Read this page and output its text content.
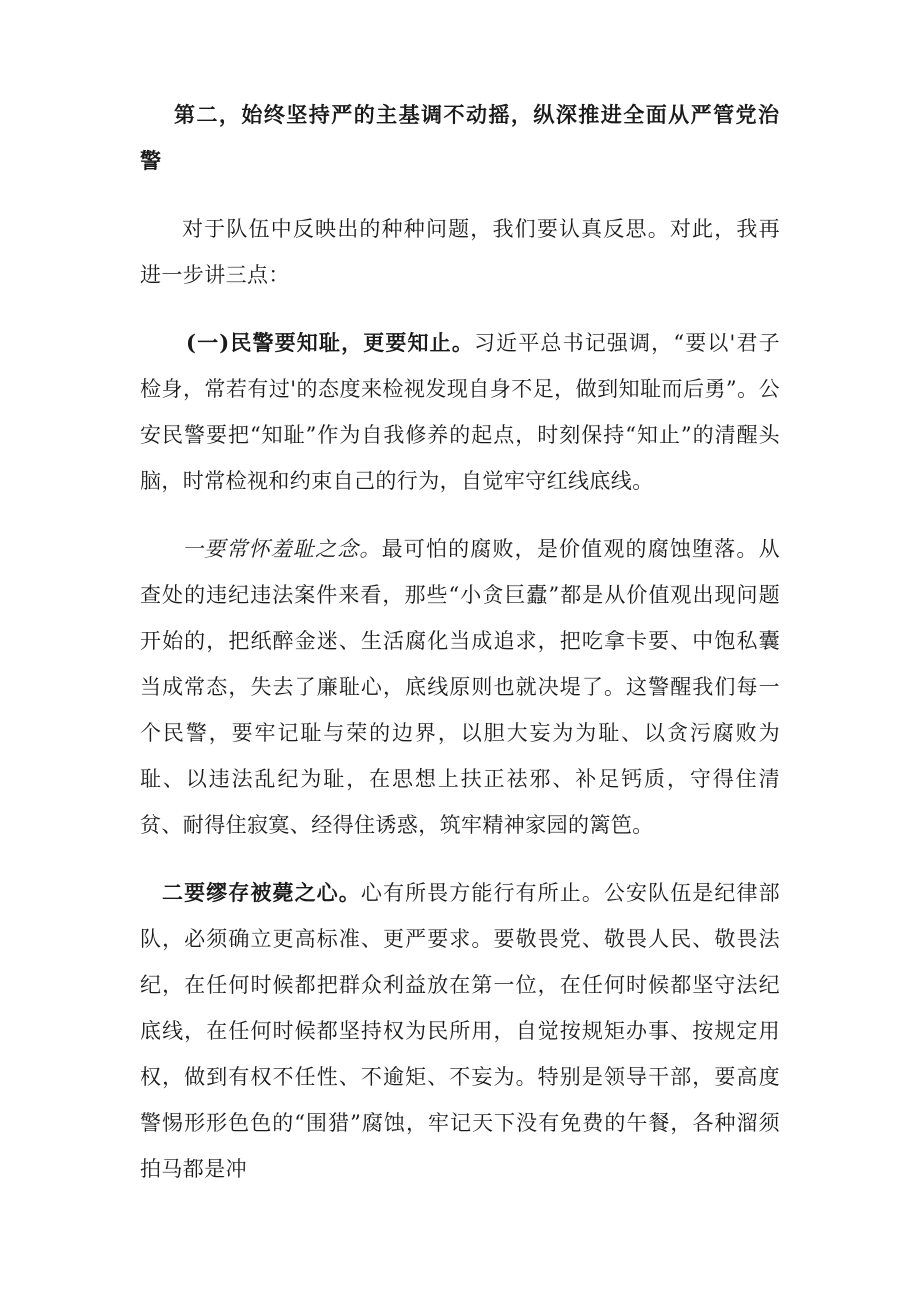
第二，始终坚持严的主基调不动摇，纵深推进全面从严管党治警

对于队伍中反映出的种种问题，我们要认真反思。对此，我再进一步讲三点：

(一)民警要知耻，更要知止。习近平总书记强调，“要以'君子检身，常若有过'的态度来检视发现自身不足，做到知耻而后勇”。公安民警要把“知耻”作为自我修养的起点，时刻保持“知止”的清醒头脑，时常检视和约束自己的行为，自觉牢守红线底线。

一要常怀羞耻之念。最可怕的腐败，是价值观的腐蚀堕落。从查处的违纪违法案件来看，那些“小贪巨蠹”都是从价值观出现问题开始的，把纸醉金迷、生活腐化当成追求，把吃拿卡要、中饱私囊当成常态，失去了廉耻心，底线原则也就决堤了。这警醒我们每一个民警，要牢记耻与荣的边界，以胆大妄为为耻、以贪污腐败为耻、以违法乱纪为耻，在思想上扶正祛邪、补足钙质，守得住清贫、耐得住寂寞、经得住诱惑，筑牢精神家园的篱笆。

二要缪存被薨之心。心有所畏方能行有所止。公安队伍是纪律部队，必须确立更高标准、更严要求。要敬畏党、敬畏人民、敬畏法纪，在任何时候都把群众利益放在第一位，在任何时候都坚守法纪底线，在任何时候都坚持权为民所用，自觉按规矩办事、按规定用权，做到有权不任性、不逾矩、不妄为。特别是领导干部，要高度警惕形形色色的“围猎”腐蚀，牢记天下没有免费的午餐，各种溜须拍马都是冲
